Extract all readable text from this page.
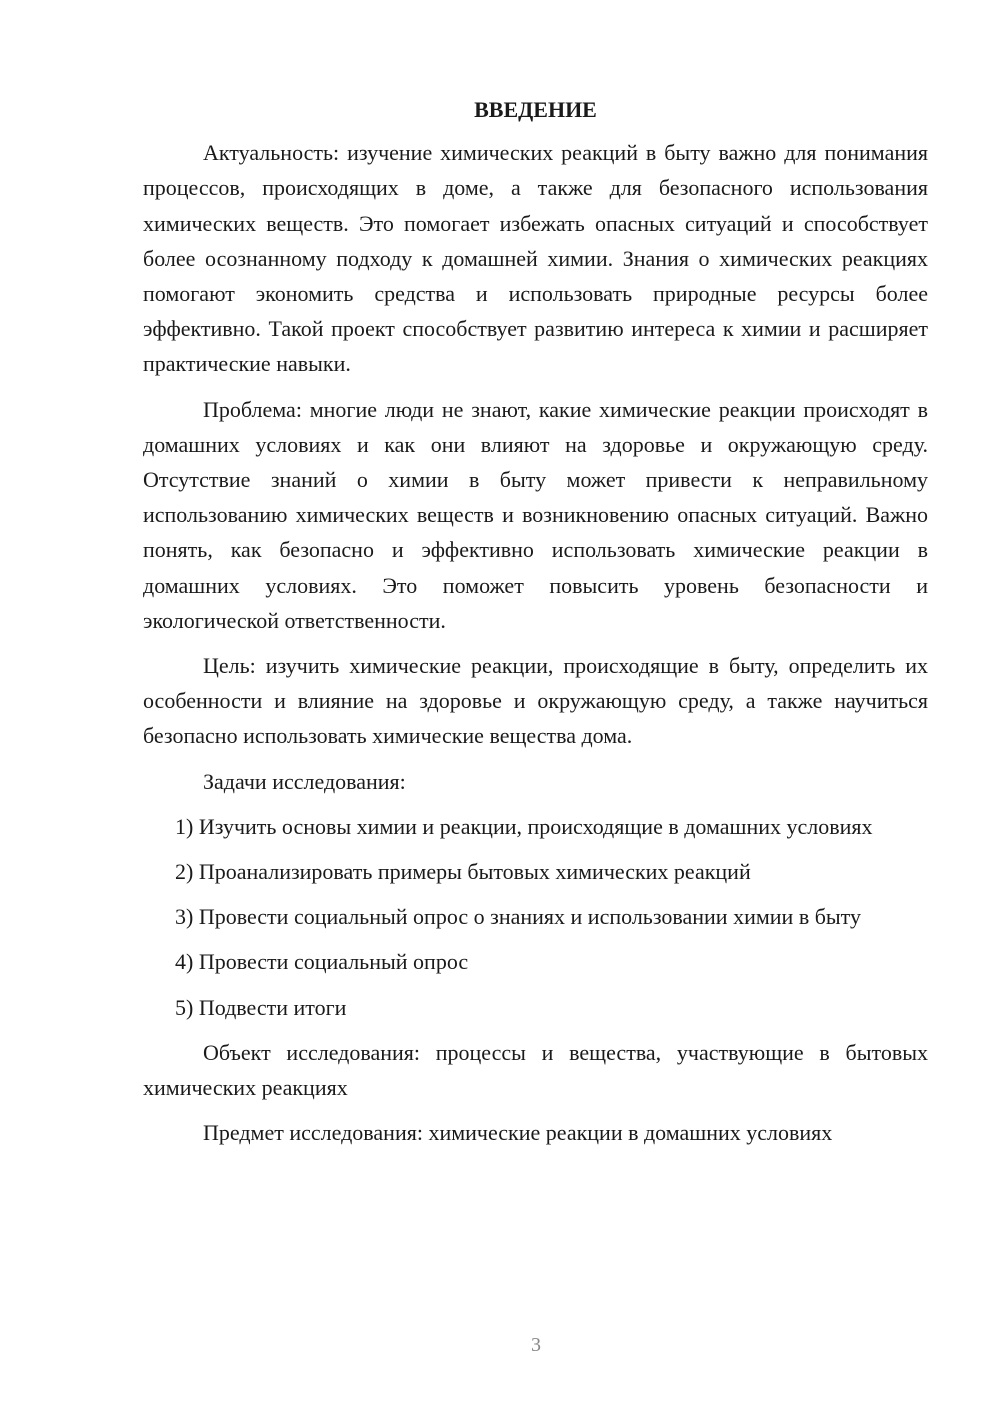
ВВЕДЕНИЕ

Актуальность: изучение химических реакций в быту важно для понимания процессов, происходящих в доме, а также для безопасного использования химических веществ. Это помогает избежать опасных ситуаций и способствует более осознанному подходу к домашней химии. Знания о химических реакциях помогают экономить средства и использовать природные ресурсы более эффективно. Такой проект способствует развитию интереса к химии и расширяет практические навыки.

Проблема: многие люди не знают, какие химические реакции происходят в домашних условиях и как они влияют на здоровье и окружающую среду. Отсутствие знаний о химии в быту может привести к неправильному использованию химических веществ и возникновению опасных ситуаций. Важно понять, как безопасно и эффективно использовать химические реакции в домашних условиях. Это поможет повысить уровень безопасности и экологической ответственности.

Цель: изучить химические реакции, происходящие в быту, определить их особенности и влияние на здоровье и окружающую среду, а также научиться безопасно использовать химические вещества дома.

Задачи исследования:

1) Изучить основы химии и реакции, происходящие в домашних условиях

2) Проанализировать примеры бытовых химических реакций

3) Провести социальный опрос о знаниях и использовании химии в быту

4) Провести социальный опрос

5) Подвести итоги

Объект исследования: процессы и вещества, участвующие в бытовых химических реакциях

Предмет исследования: химические реакции в домашних условиях

3
